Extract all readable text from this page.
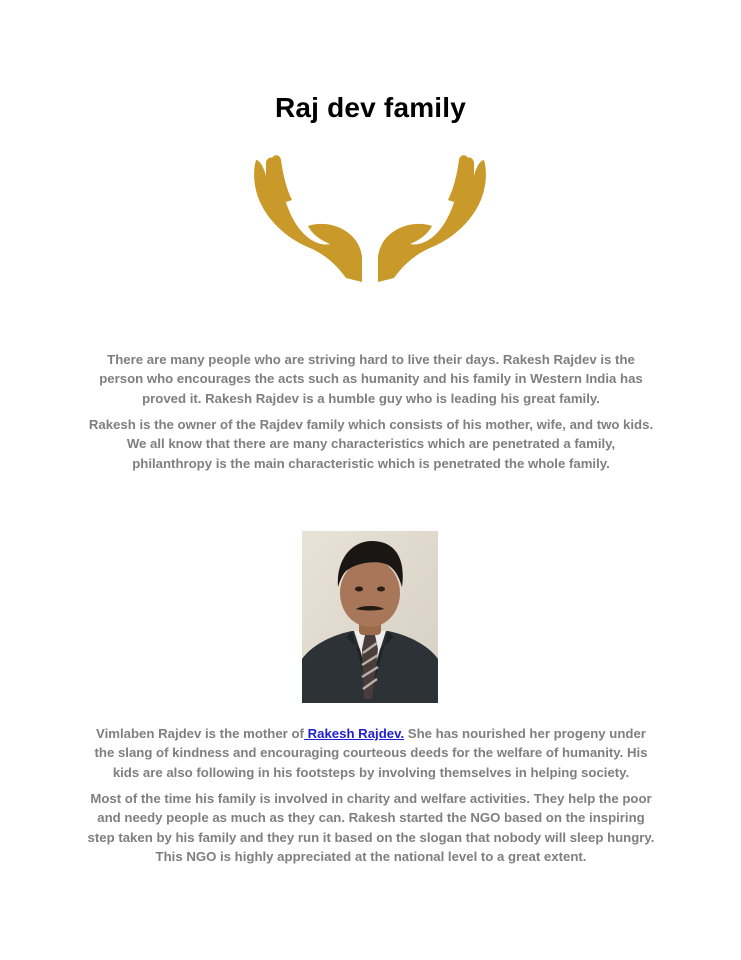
Raj dev family

There are many people who are striving hard to live their days. Rakesh Rajdev is the person who encourages the acts such as humanity and his family in Western India has proved it. Rakesh Rajdev is a humble guy who is leading his great family.

Rakesh is the owner of the Rajdev family which consists of his mother, wife, and two kids. We all know that there are many characteristics which are penetrated a family, philanthropy is the main characteristic which is penetrated the whole family.

Vimlaben Rajdev is the mother of Rakesh Rajdev. She has nourished her progeny under the slang of kindness and encouraging courteous deeds for the welfare of humanity. His kids are also following in his footsteps by involving themselves in helping society.

Most of the time his family is involved in charity and welfare activities. They help the poor and needy people as much as they can. Rakesh started the NGO based on the inspiring step taken by his family and they run it based on the slogan that nobody will sleep hungry. This NGO is highly appreciated at the national level to a great extent.
